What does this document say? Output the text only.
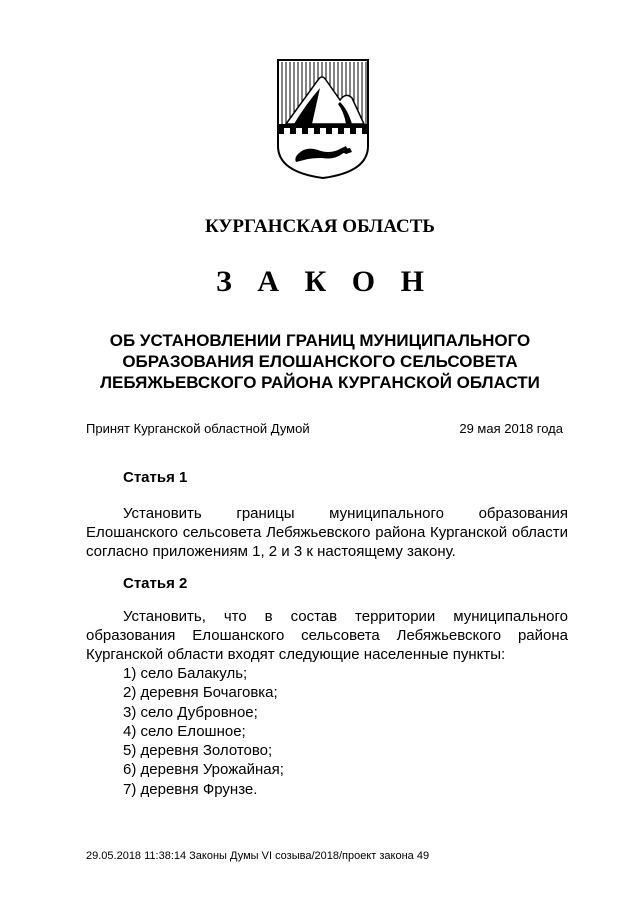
КУРГАНСКАЯ ОБЛАСТЬ
З А К О Н
ОБ УСТАНОВЛЕНИИ ГРАНИЦ МУНИЦИПАЛЬНОГО
ОБРАЗОВАНИЯ ЕЛОШАНСКОГО СЕЛЬСОВЕТА
ЛЕБЯЖЬЕВСКОГО РАЙОНА КУРГАНСКОЙ ОБЛАСТИ
Принят Курганской областной Думой	29 мая 2018 года
Статья 1
Установить границы муниципального образования
Елошанского сельсовета Лебяжьевского района Курганской области
согласно приложениям 1, 2 и 3 к настоящему закону.
Статья 2
Установить, что в состав территории муниципального
образования Елошанского сельсовета Лебяжьевского района
Курганской области входят следующие населенные пункты:
1) село Балакуль;
2) деревня Бочаговка;
3) село Дубровное;
4) село Елошное;
5) деревня Золотово;
6) деревня Урожайная;
7) деревня Фрунзе.
29.05.2018 11:38:14 Законы Думы VI созыва/2018/проект закона 49
